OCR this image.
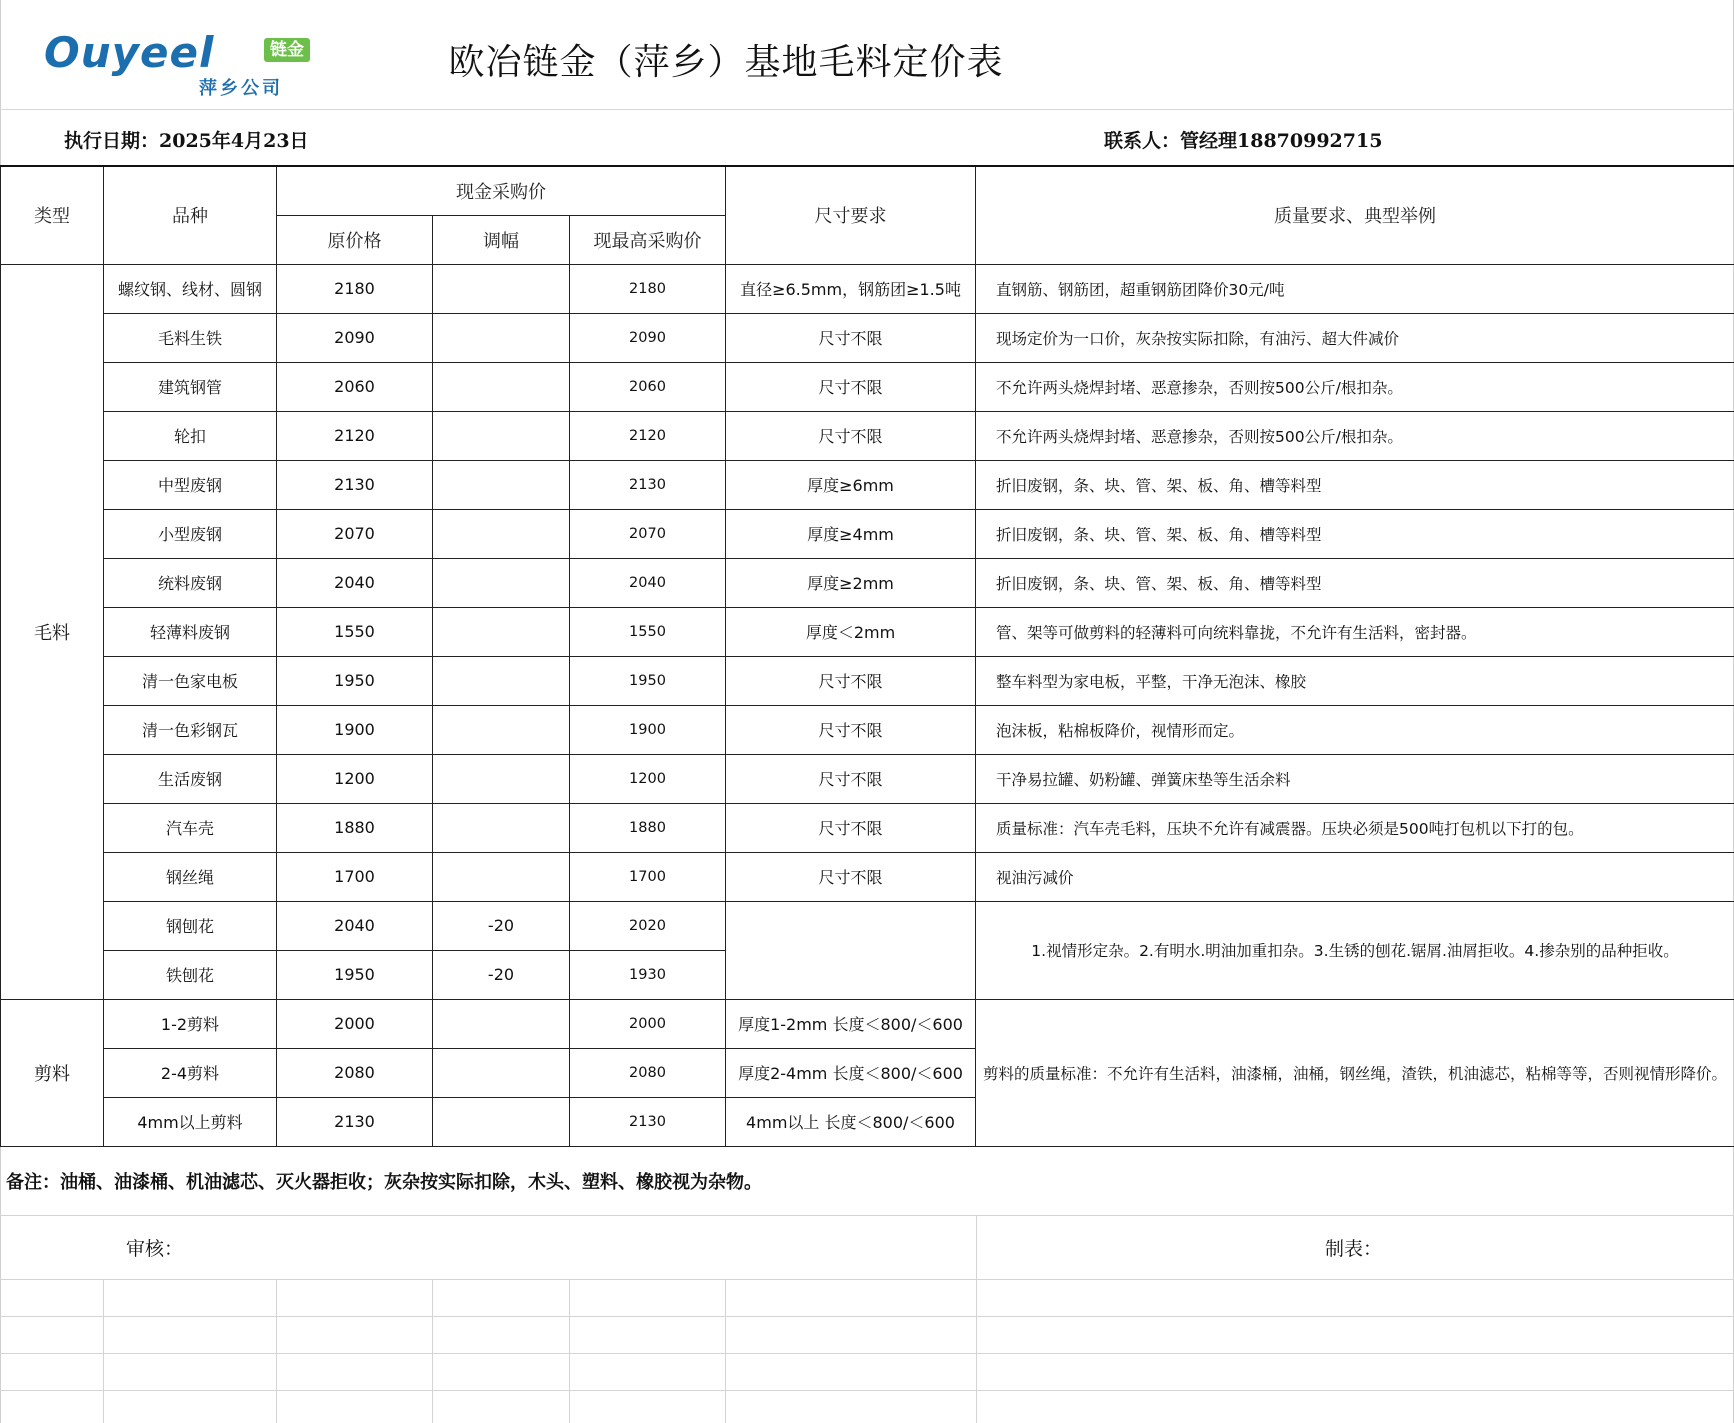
Ouyeel	链金
萍乡公司
欧冶链金（萍乡）基地毛料定价表
执行日期：2025年4月23日	联系人：管经理18870992715
类型	品种	现金采购价			尺寸要求	质量要求、典型举例
		原价格	调幅	现最高采购价		
毛料	螺纹钢、线材、圆钢	2180		2180	直径≥6.5mm，钢筋团≥1.5吨	直钢筋、钢筋团，超重钢筋团降价30元/吨
	毛料生铁	2090		2090	尺寸不限	现场定价为一口价，灰杂按实际扣除，有油污、超大件减价
	建筑钢管	2060		2060	尺寸不限	不允许两头烧焊封堵、恶意掺杂，否则按500公斤/根扣杂。
	轮扣	2120		2120	尺寸不限	不允许两头烧焊封堵、恶意掺杂，否则按500公斤/根扣杂。
	中型废钢	2130		2130	厚度≥6mm	折旧废钢，条、块、管、架、板、角、槽等料型
	小型废钢	2070		2070	厚度≥4mm	折旧废钢，条、块、管、架、板、角、槽等料型
	统料废钢	2040		2040	厚度≥2mm	折旧废钢，条、块、管、架、板、角、槽等料型
	轻薄料废钢	1550		1550	厚度＜2mm	管、架等可做剪料的轻薄料可向统料靠拢，不允许有生活料，密封器。
	清一色家电板	1950		1950	尺寸不限	整车料型为家电板，平整，干净无泡沫、橡胶
	清一色彩钢瓦	1900		1900	尺寸不限	泡沫板，粘棉板降价，视情形而定。
	生活废钢	1200		1200	尺寸不限	干净易拉罐、奶粉罐、弹簧床垫等生活余料
	汽车壳	1880		1880	尺寸不限	质量标准：汽车壳毛料，压块不允许有减震器。压块必须是500吨打包机以下打的包。
	钢丝绳	1700		1700	尺寸不限	视油污减价
	钢刨花	2040	-20	2020		1.视情形定杂。2.有明水.明油加重扣杂。3.生锈的刨花.锯屑.油屑拒收。4.掺杂别的品种拒收。
	铁刨花	1950	-20	1930		
剪料	1-2剪料	2000		2000	厚度1-2mm 长度＜800/＜600	剪料的质量标准：不允许有生活料，油漆桶，油桶，钢丝绳，渣铁，机油滤芯，粘棉等等，否则视情形降价。
	2-4剪料	2080		2080	厚度2-4mm 长度＜800/＜600	
	4mm以上剪料	2130		2130	4mm以上 长度＜800/＜600	
备注：油桶、油漆桶、机油滤芯、灭火器拒收；灰杂按实际扣除，木头、塑料、橡胶视为杂物。
审核：	制表：
